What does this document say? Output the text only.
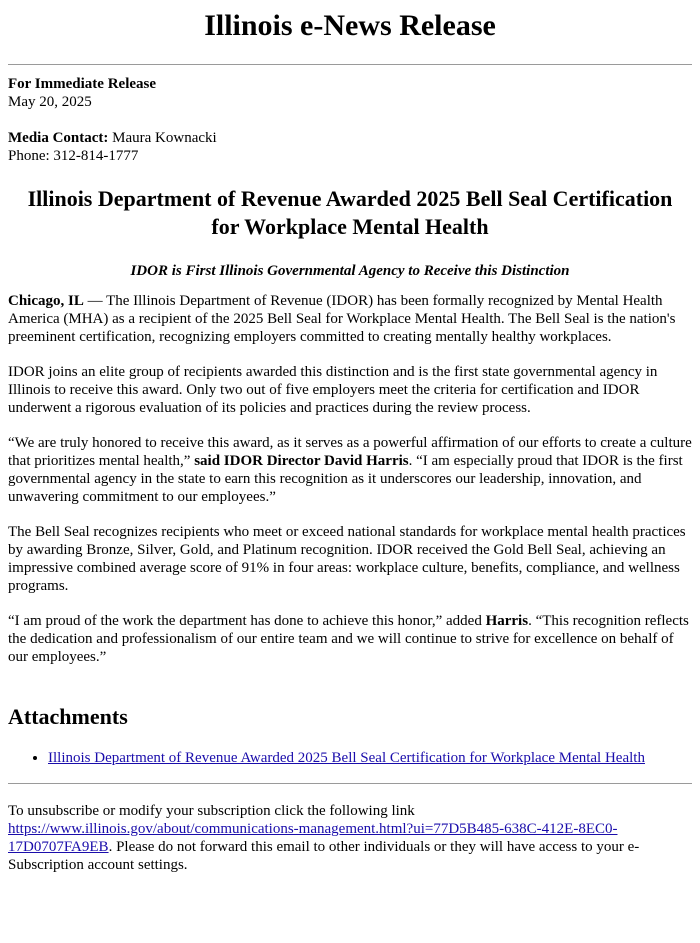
Illinois e-News Release

For Immediate Release

May 20, 2025

Media Contact: Maura Kownacki

Phone: 312-814-1777

Illinois Department of Revenue Awarded 2025 Bell Seal Certification for Workplace Mental Health

IDOR is First Illinois Governmental Agency to Receive this Distinction

Chicago, IL — The Illinois Department of Revenue (IDOR) has been formally recognized by Mental Health America (MHA) as a recipient of the 2025 Bell Seal for Workplace Mental Health. The Bell Seal is the nation's preeminent certification, recognizing employers committed to creating mentally healthy workplaces.

IDOR joins an elite group of recipients awarded this distinction and is the first state governmental agency in Illinois to receive this award. Only two out of five employers meet the criteria for certification and IDOR underwent a rigorous evaluation of its policies and practices during the review process.

“We are truly honored to receive this award, as it serves as a powerful affirmation of our efforts to create a culture that prioritizes mental health,” said IDOR Director David Harris. “I am especially proud that IDOR is the first governmental agency in the state to earn this recognition as it underscores our leadership, innovation, and unwavering commitment to our employees.”

The Bell Seal recognizes recipients who meet or exceed national standards for workplace mental health practices by awarding Bronze, Silver, Gold, and Platinum recognition. IDOR received the Gold Bell Seal, achieving an impressive combined average score of 91% in four areas: workplace culture, benefits, compliance, and wellness programs.

“I am proud of the work the department has done to achieve this honor,” added Harris. “This recognition reflects the dedication and professionalism of our entire team and we will continue to strive for excellence on behalf of our employees.”

Attachments
• Illinois Department of Revenue Awarded 2025 Bell Seal Certification for Workplace Mental Health

To unsubscribe or modify your subscription click the following link
https://www.illinois.gov/about/communications-management.html?ui=77D5B485-638C-412E-8EC0-17D0707FA9EB. Please do not forward this email to other individuals or they will have access to your e-Subscription account settings.
